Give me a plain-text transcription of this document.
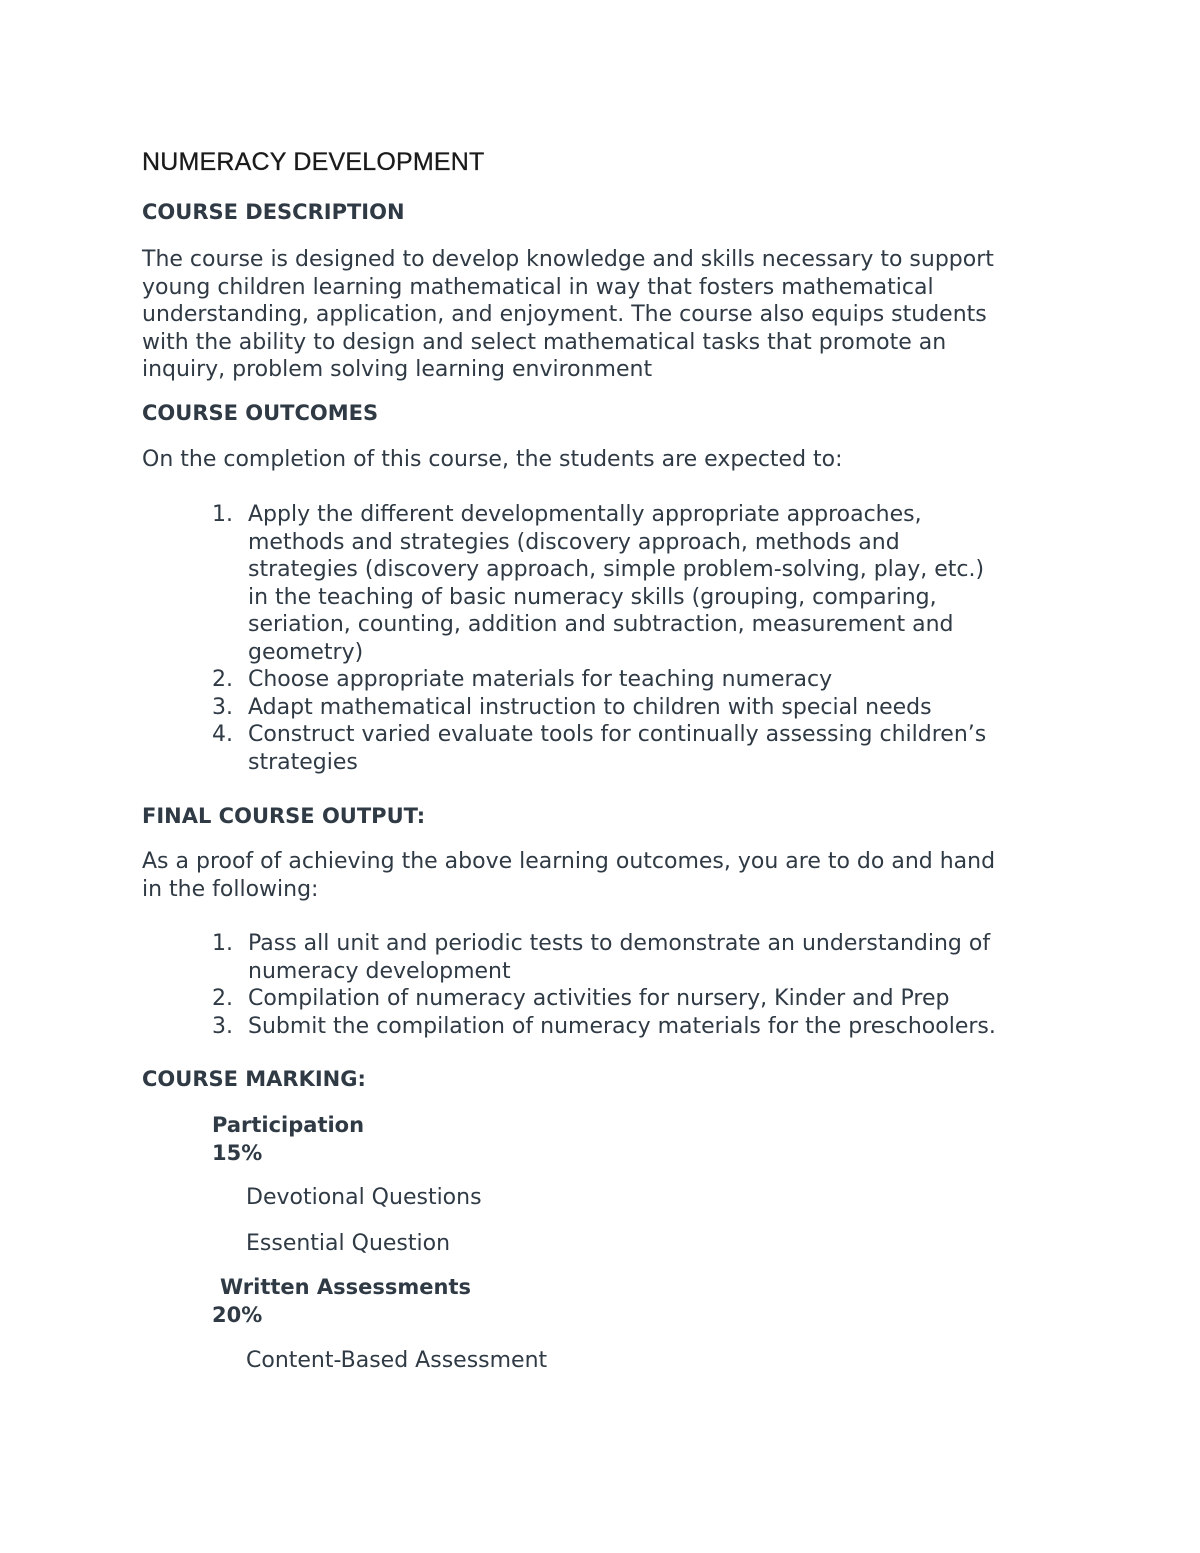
NUMERACY DEVELOPMENT
COURSE DESCRIPTION

The course is designed to develop knowledge and skills necessary to support
young children learning mathematical in way that fosters mathematical
understanding, application, and enjoyment. The course also equips students
with the ability to design and select mathematical tasks that promote an
inquiry, problem solving learning environment

COURSE OUTCOMES

On the completion of this course, the students are expected to:

1. Apply the different developmentally appropriate approaches,
methods and strategies (discovery approach, methods and
strategies (discovery approach, simple problem-solving, play, etc.)
in the teaching of basic numeracy skills (grouping, comparing,
seriation, counting, addition and subtraction, measurement and
geometry)
2. Choose appropriate materials for teaching numeracy
3. Adapt mathematical instruction to children with special needs
4. Construct varied evaluate tools for continually assessing children’s
strategies
FINAL COURSE OUTPUT:

As a proof of achieving the above learning outcomes, you are to do and hand
in the following:

1. Pass all unit and periodic tests to demonstrate an understanding of
numeracy development
2. Compilation of numeracy activities for nursery, Kinder and Prep
3. Submit the compilation of numeracy materials for the preschoolers.
COURSE MARKING:
Participation
15%

Devotional Questions

Essential Question

Written Assessments
20%

Content-Based Assessment
